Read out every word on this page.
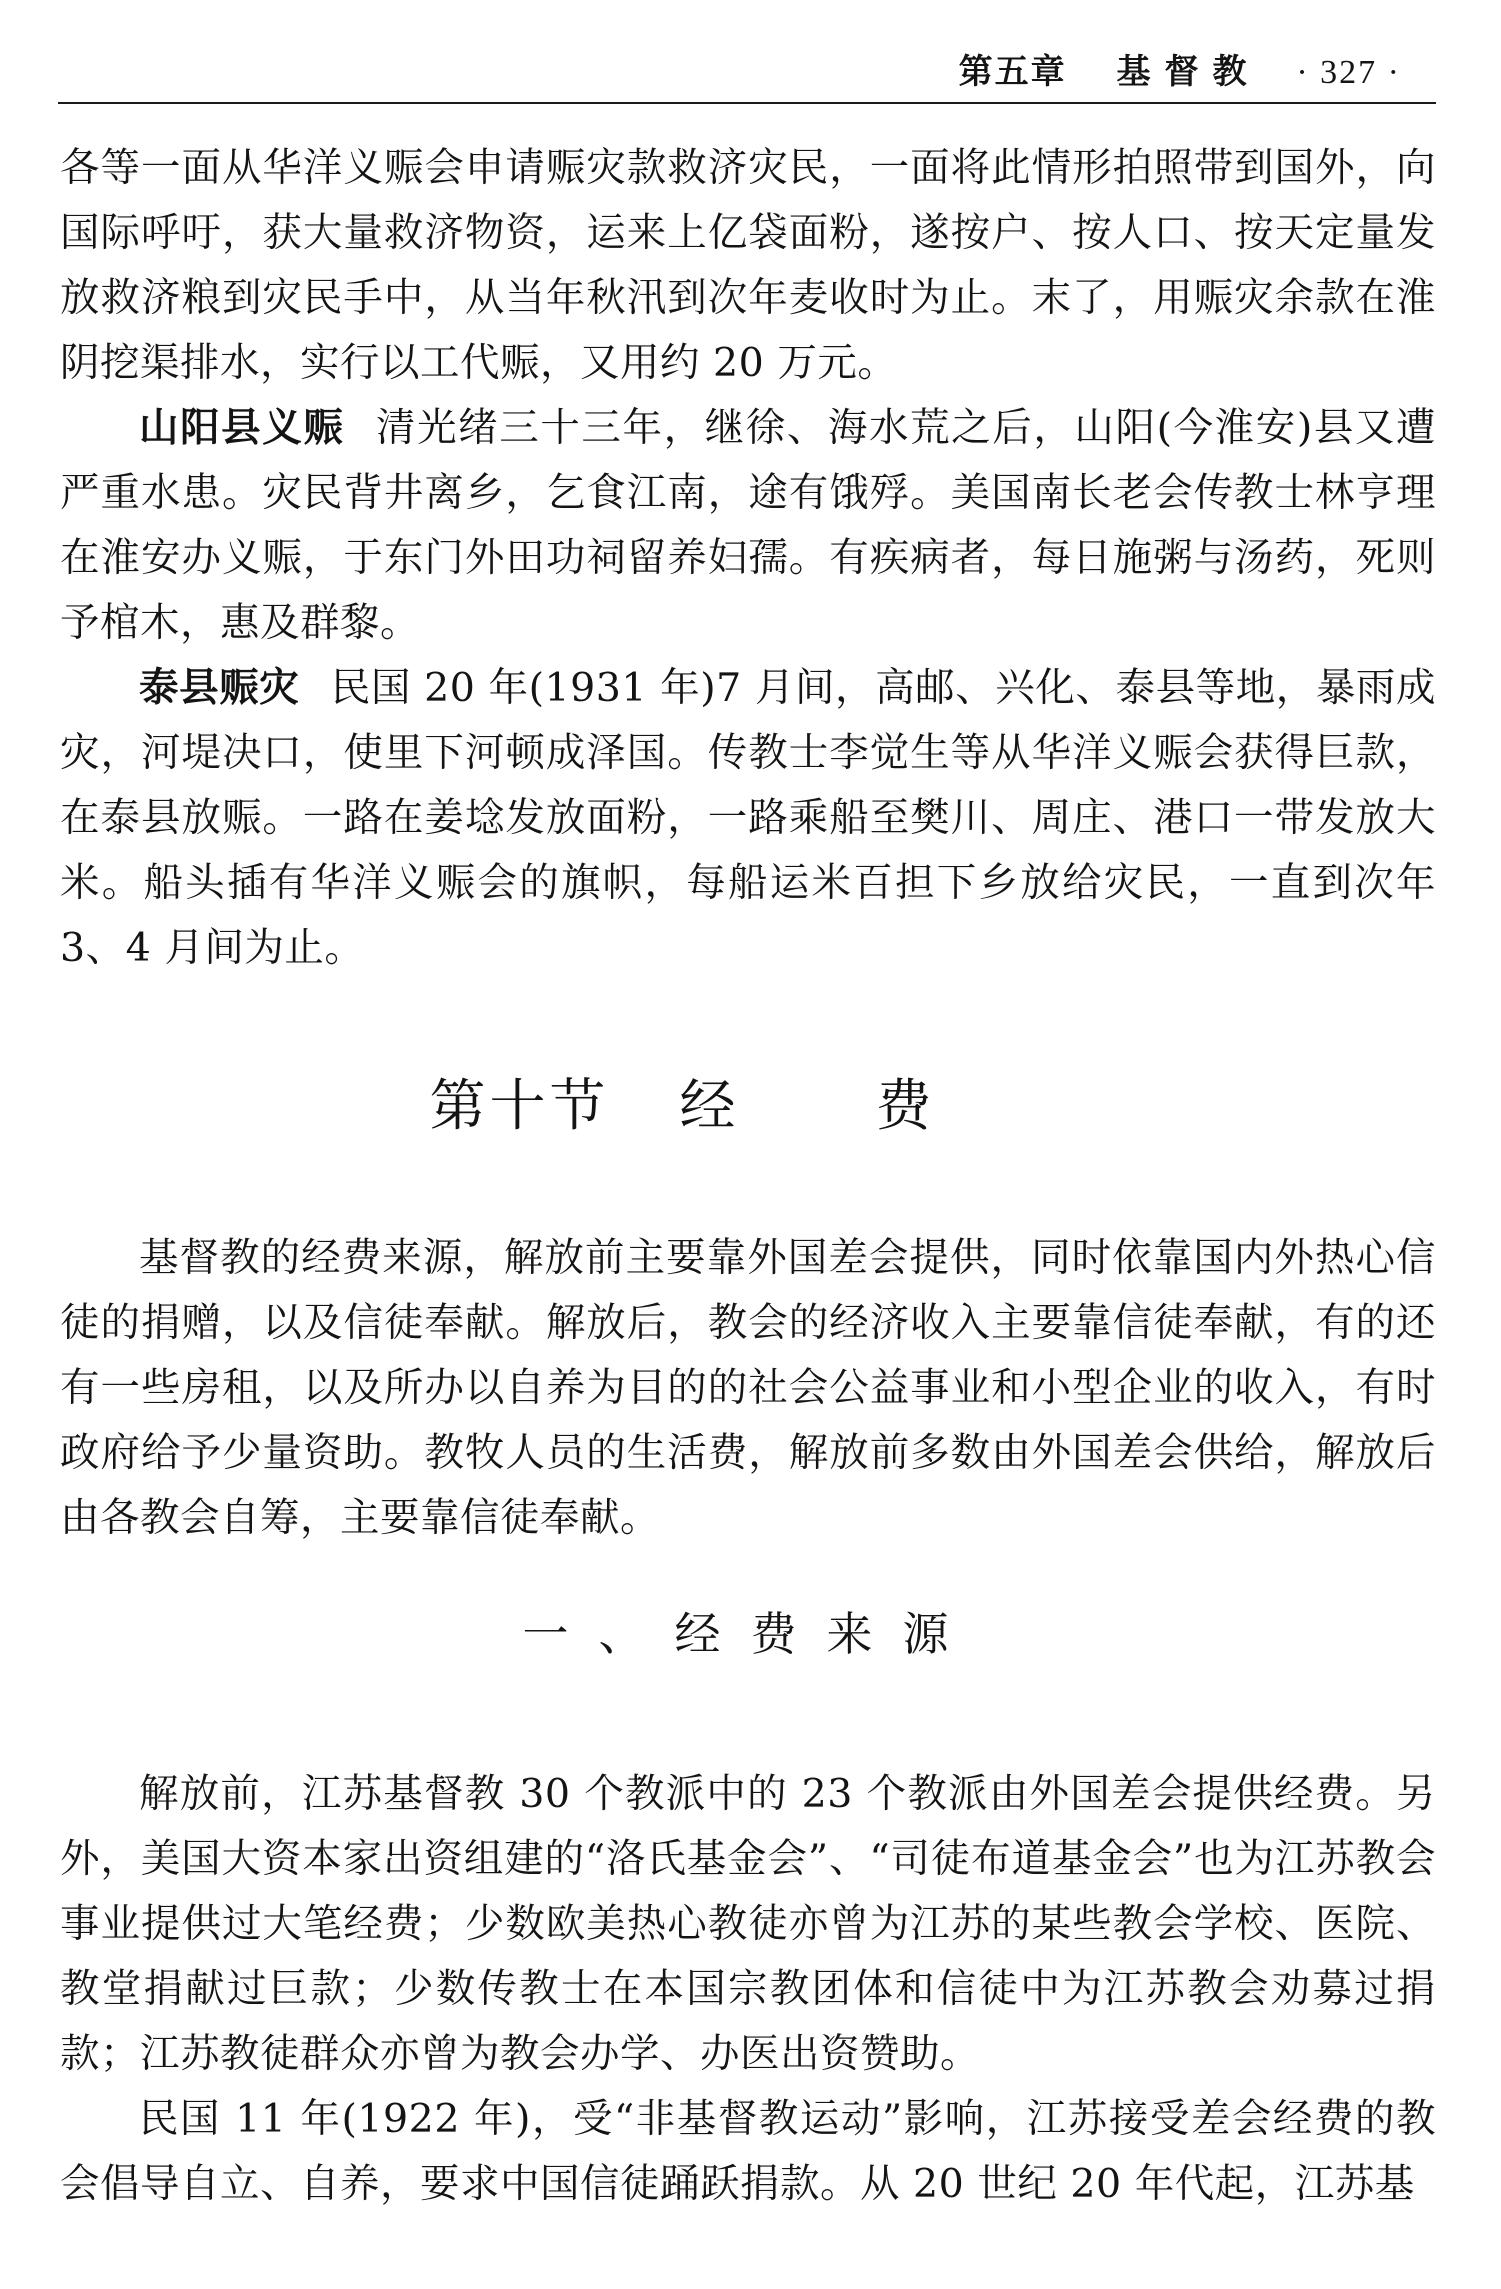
第五章 基督教 · 327 ·

各等一面从华洋义赈会申请赈灾款救济灾民，一面将此情形拍照带到国外，向国际呼吁，获大量救济物资，运来上亿袋面粉，遂按户、按人口、按天定量发放救济粮到灾民手中，从当年秋汛到次年麦收时为止。末了，用赈灾余款在淮阴挖渠排水，实行以工代赈，又用约 20 万元。

山阳县义赈 清光绪三十三年，继徐、海水荒之后，山阳(今淮安)县又遭严重水患。灾民背井离乡，乞食江南，途有饿殍。美国南长老会传教士林亨理在淮安办义赈，于东门外田功祠留养妇孺。有疾病者，每日施粥与汤药，死则予棺木，惠及群黎。

泰县赈灾 民国 20 年(1931 年)7 月间，高邮、兴化、泰县等地，暴雨成灾，河堤决口，使里下河顿成泽国。传教士李觉生等从华洋义赈会获得巨款，在泰县放赈。一路在姜埝发放面粉，一路乘船至樊川、周庄、港口一带发放大米。船头插有华洋义赈会的旗帜，每船运米百担下乡放给灾民，一直到次年 3、4 月间为止。

第十节 经费

基督教的经费来源，解放前主要靠外国差会提供，同时依靠国内外热心信徒的捐赠，以及信徒奉献。解放后，教会的经济收入主要靠信徒奉献，有的还有一些房租，以及所办以自养为目的的社会公益事业和小型企业的收入，有时政府给予少量资助。教牧人员的生活费，解放前多数由外国差会供给，解放后由各教会自筹，主要靠信徒奉献。

一、经费来源

解放前，江苏基督教 30 个教派中的 23 个教派由外国差会提供经费。另外，美国大资本家出资组建的“洛氏基金会”、“司徒布道基金会”也为江苏教会事业提供过大笔经费；少数欧美热心教徒亦曾为江苏的某些教会学校、医院、教堂捐献过巨款；少数传教士在本国宗教团体和信徒中为江苏教会劝募过捐款；江苏教徒群众亦曾为教会办学、办医出资赞助。

民国 11 年(1922 年)，受“非基督教运动”影响，江苏接受差会经费的教会倡导自立、自养，要求中国信徒踊跃捐款。从 20 世纪 20 年代起，江苏基
